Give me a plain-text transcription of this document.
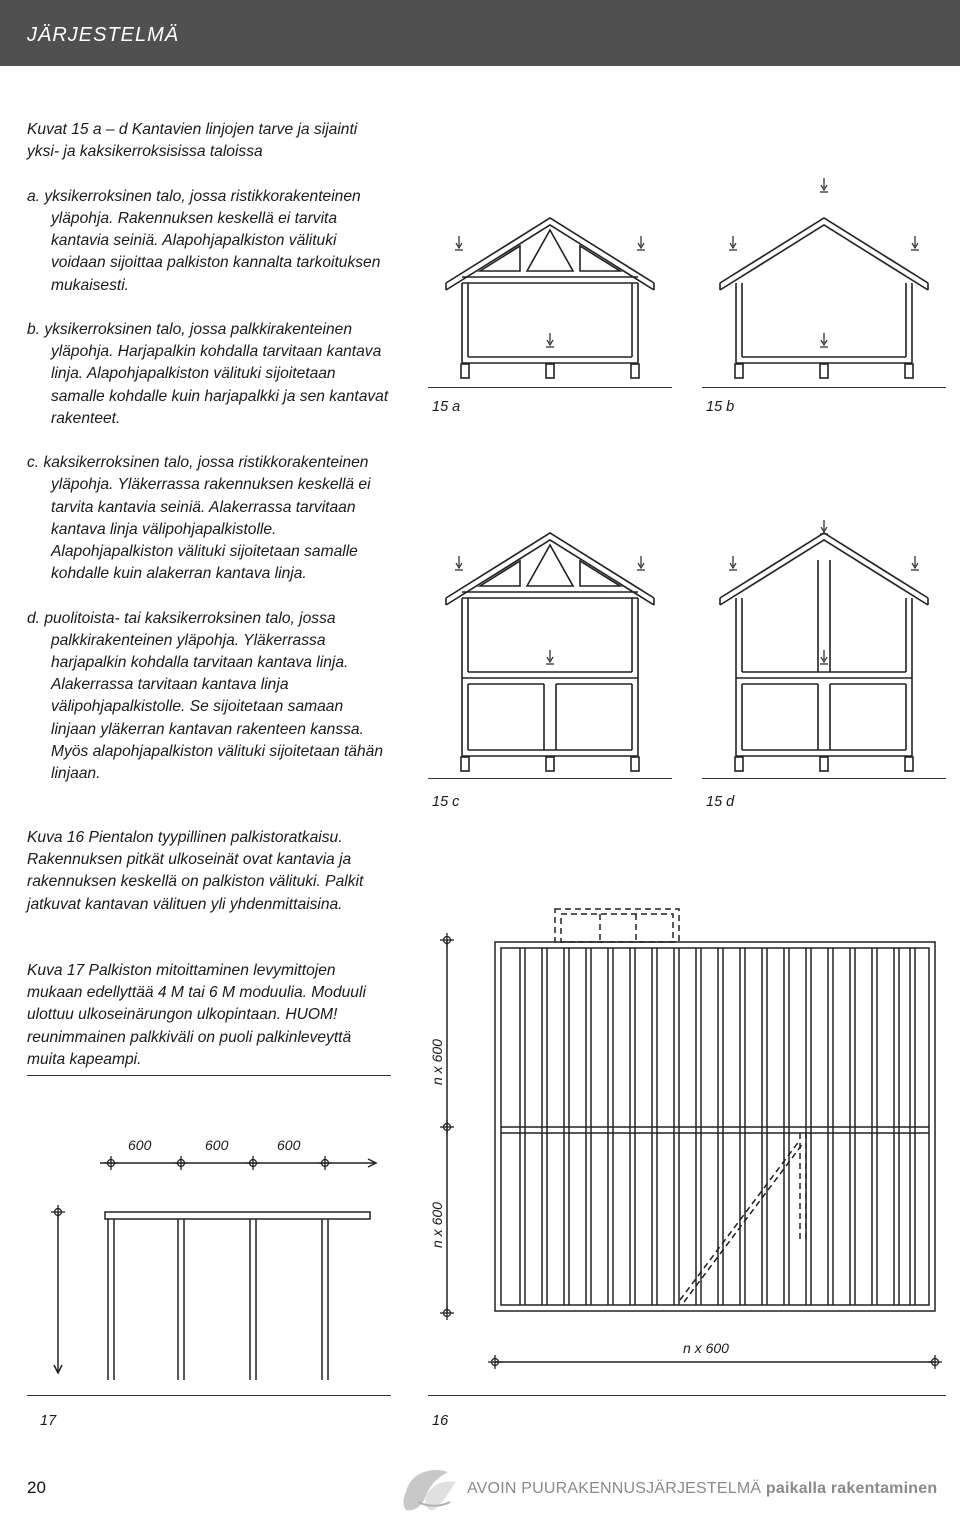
JÄRJESTELMÄ

Kuvat 15 a – d Kantavien linjojen tarve ja sijainti yksi- ja kaksikerroksisissa taloissa

a. yksikerroksinen talo, jossa ristikkorakenteinen yläpohja. Rakennuksen keskellä ei tarvita kantavia seiniä. Alapohjapalkiston välituki voidaan sijoittaa palkiston kannalta tarkoituksen mukaisesti.

b. yksikerroksinen talo, jossa palkkirakenteinen yläpohja. Harjapalkin kohdalla tarvitaan kantava linja. Alapohjapalkiston välituki sijoitetaan samalle kohdalle kuin harjapalkki ja sen kantavat rakenteet.

c. kaksikerroksinen talo, jossa ristikkorakenteinen yläpohja. Yläkerrassa rakennuksen keskellä ei tarvita kantavia seiniä. Alakerrassa tarvitaan kantava linja välipohjapalkistolle. Alapohjapalkiston välituki sijoitetaan samalle kohdalle kuin alakerran kantava linja.

d. puolitoista- tai kaksikerroksinen talo, jossa palkkirakenteinen yläpohja. Yläkerrassa harjapalkin kohdalla tarvitaan kantava linja. Alakerrassa tarvitaan kantava linja välipohjapalkistolle. Se sijoitetaan samaan linjaan yläkerran kantavan rakenteen kanssa. Myös alapohjapalkiston välituki sijoitetaan tähän linjaan.

15 a	15 b
15 c	15 d
16
17
Kuva 16 Pientalon tyypillinen palkistoratkaisu. Rakennuksen pitkät ulkoseinät ovat kantavia ja rakennuksen keskellä on palkiston välituki. Palkit jatkuvat kantavan välituen yli yhdenmittaisina.
Kuva 17 Palkiston mitoittaminen levymittojen mukaan edellyttää 4 M tai 6 M moduulia. Moduuli ulottuu ulkoseinärungon ulkopintaan. HUOM! reunimmainen palkkiväli on puoli palkinleveyttä muita kapeampi.	n x 600
n x 600
n x 600
600	600	600
20	AVOIN PUURAKENNUSJÄRJESTELMÄ paikalla rakentaminen
